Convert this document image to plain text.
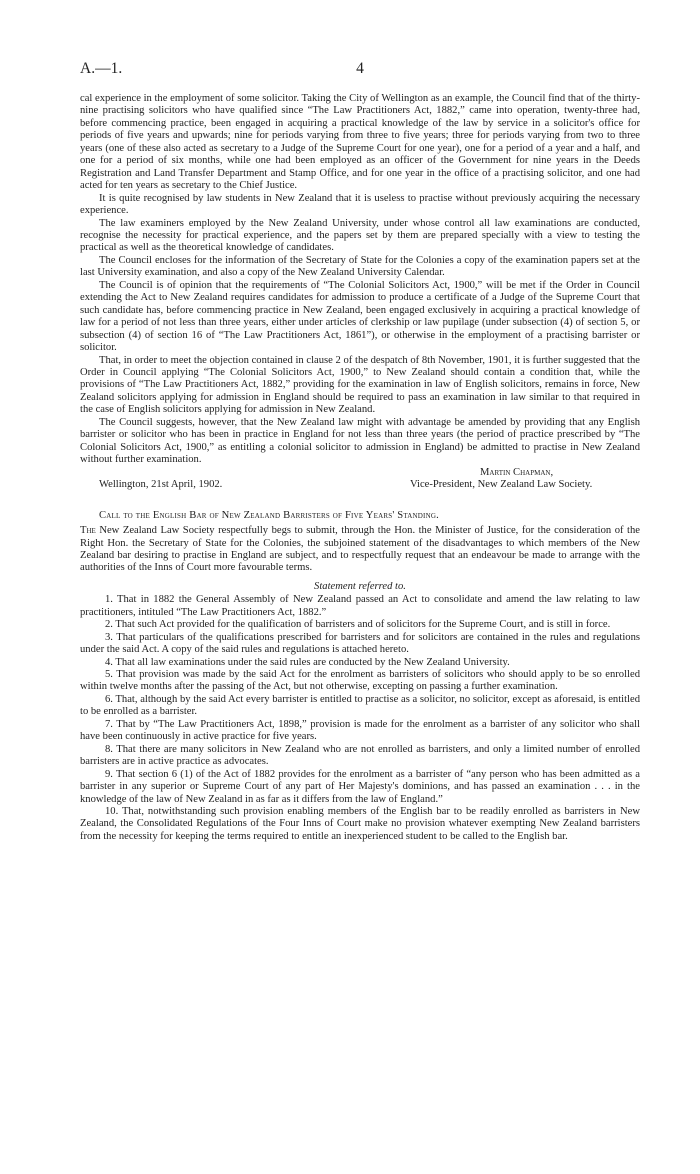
A.—1.	4

cal experience in the employment of some solicitor. Taking the City of Wellington as an example, the Council find that of the thirty-nine practising solicitors who have qualified since “The Law Practitioners Act, 1882,” came into operation, twenty-three had, before commencing practice, been engaged in acquiring a practical knowledge of the law by service in a solicitor's office for periods of five years and upwards; nine for periods varying from three to five years; three for periods varying from two to three years (one of these also acted as secretary to a Judge of the Supreme Court for one year), one for a period of a year and a half, and one for a period of six months, while one had been employed as an officer of the Government for nine years in the Deeds Registration and Land Transfer Department and Stamp Office, and for one year in the office of a practising solicitor, and one had acted for ten years as secretary to the Chief Justice.

It is quite recognised by law students in New Zealand that it is useless to practise without previously acquiring the necessary experience.

The law examiners employed by the New Zealand University, under whose control all law examinations are conducted, recognise the necessity for practical experience, and the papers set by them are prepared specially with a view to testing the practical as well as the theoretical knowledge of candidates.

The Council encloses for the information of the Secretary of State for the Colonies a copy of the examination papers set at the last University examination, and also a copy of the New Zealand University Calendar.

The Council is of opinion that the requirements of “The Colonial Solicitors Act, 1900,” will be met if the Order in Council extending the Act to New Zealand requires candidates for admission to produce a certificate of a Judge of the Supreme Court that such candidate has, before commencing practice in New Zealand, been engaged exclusively in acquiring a practical knowledge of law for a period of not less than three years, either under articles of clerkship or law pupilage (under subsection (4) of section 5, or subsection (4) of section 16 of “The Law Practitioners Act, 1861”), or otherwise in the employment of a practising barrister or solicitor.

That, in order to meet the objection contained in clause 2 of the despatch of 8th November, 1901, it is further suggested that the Order in Council applying “The Colonial Solicitors Act, 1900,” to New Zealand should contain a condition that, while the provisions of “The Law Practitioners Act, 1882,” providing for the examination in law of English solicitors, remains in force, New Zealand solicitors applying for admission in England should be required to pass an examination in law similar to that required in the case of English solicitors applying for admission in New Zealand.

The Council suggests, however, that the New Zealand law might with advantage be amended by providing that any English barrister or solicitor who has been in practice in England for not less than three years (the period of practice prescribed by “The Colonial Solicitors Act, 1900,” as entitling a colonial solicitor to admission in England) be admitted to practise in New Zealand without further examination.

Martin Chapman,
Wellington, 21st April, 1902.	Vice-President, New Zealand Law Society.

Call to the English Bar of New Zealand Barristers of Five Years' Standing.

The New Zealand Law Society respectfully begs to submit, through the Hon. the Minister of Justice, for the consideration of the Right Hon. the Secretary of State for the Colonies, the subjoined statement of the disadvantages to which members of the New Zealand bar desiring to practise in England are subject, and to respectfully request that an endeavour be made to arrange with the authorities of the Inns of Court more favourable terms.

Statement referred to.

1. That in 1882 the General Assembly of New Zealand passed an Act to consolidate and amend the law relating to law practitioners, intituled “The Law Practitioners Act, 1882.”

2. That such Act provided for the qualification of barristers and of solicitors for the Supreme Court, and is still in force.

3. That particulars of the qualifications prescribed for barristers and for solicitors are contained in the rules and regulations under the said Act. A copy of the said rules and regulations is attached hereto.

4. That all law examinations under the said rules are conducted by the New Zealand University.

5. That provision was made by the said Act for the enrolment as barristers of solicitors who should apply to be so enrolled within twelve months after the passing of the Act, but not otherwise, excepting on passing a further examination.

6. That, although by the said Act every barrister is entitled to practise as a solicitor, no solicitor, except as aforesaid, is entitled to be enrolled as a barrister.

7. That by “The Law Practitioners Act, 1898,” provision is made for the enrolment as a barrister of any solicitor who shall have been continuously in active practice for five years.

8. That there are many solicitors in New Zealand who are not enrolled as barristers, and only a limited number of enrolled barristers are in active practice as advocates.

9. That section 6 (1) of the Act of 1882 provides for the enrolment as a barrister of “any person who has been admitted as a barrister in any superior or Supreme Court of any part of Her Majesty's dominions, and has passed an examination . . . in the knowledge of the law of New Zealand in as far as it differs from the law of England.”

10. That, notwithstanding such provision enabling members of the English bar to be readily enrolled as barristers in New Zealand, the Consolidated Regulations of the Four Inns of Court make no provision whatever exempting New Zealand barristers from the necessity for keeping the terms required to entitle an inexperienced student to be called to the English bar.
